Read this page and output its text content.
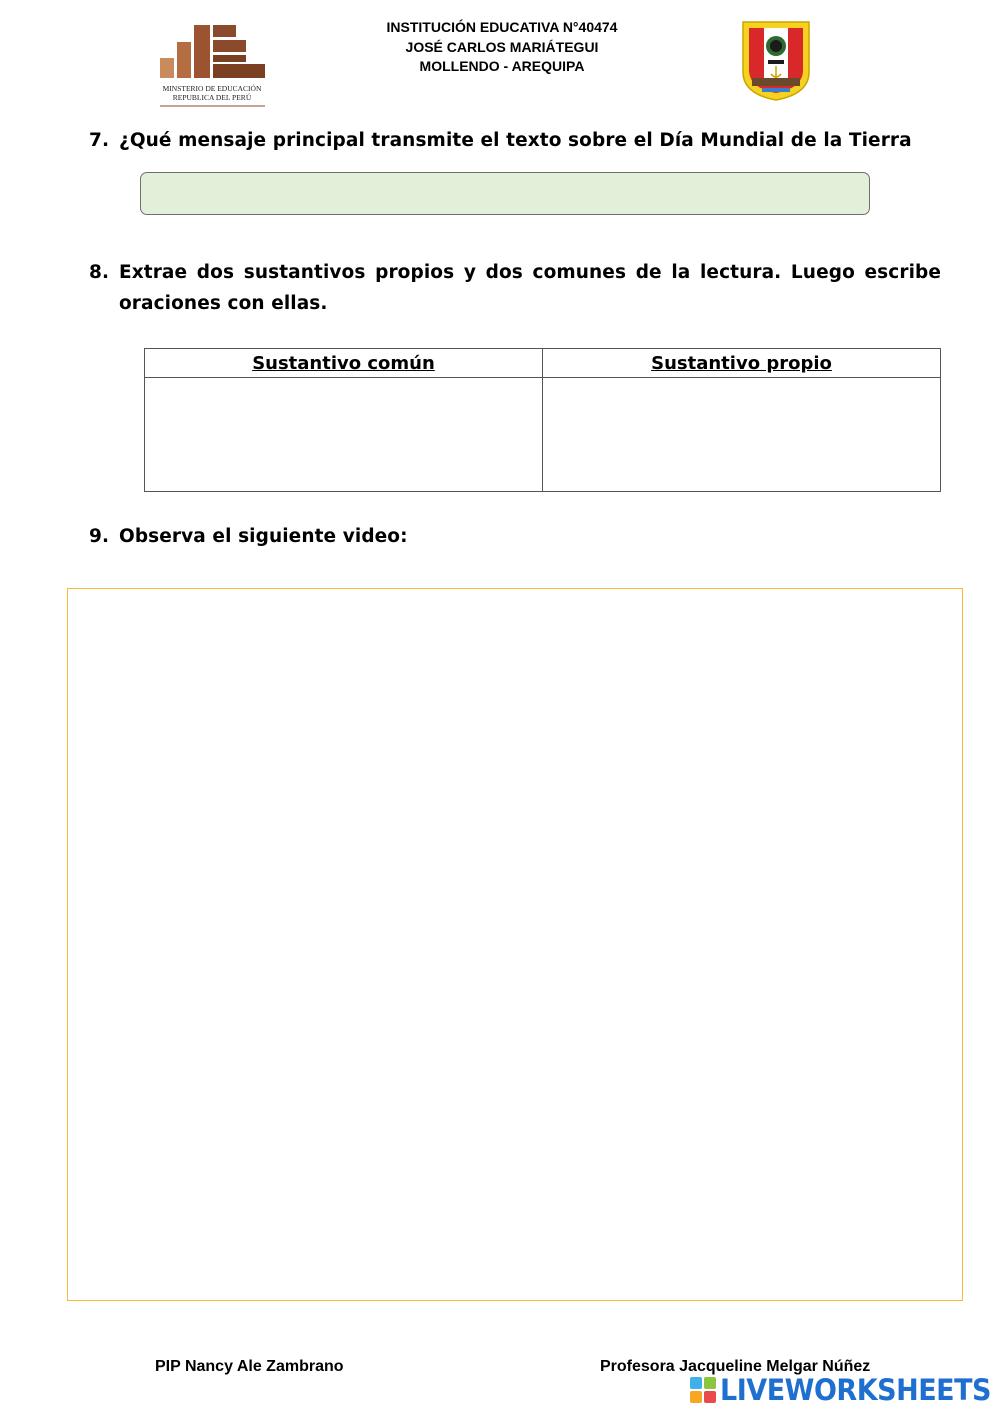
MINSTERIO DE EDUCACIÓN
REPUBLICA DEL PERÚ
INSTITUCIÓN EDUCATIVA N°40474
JOSÉ CARLOS MARIÁTEGUI
MOLLENDO - AREQUIPA
7. ¿Qué mensaje principal transmite el texto sobre el Día Mundial de la Tierra
8. Extrae dos sustantivos propios y dos comunes de la lectura. Luego escribe oraciones con ellas.
Sustantivo común	Sustantivo propio

9. Observa el siguiente video:
PIP Nancy Ale Zambrano	Profesora Jacqueline Melgar Núñez
LIVEWORKSHEETS
